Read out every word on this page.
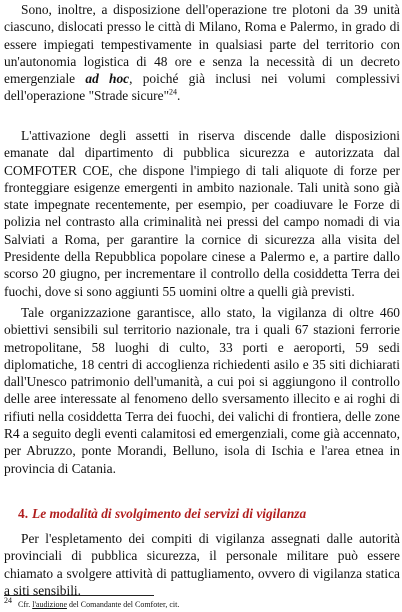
Sono, inoltre, a disposizione dell'operazione tre plotoni da 39 unità ciascuno, dislocati presso le città di Milano, Roma e Palermo, in grado di essere impiegati tempestivamente in qualsiasi parte del territorio con un'autonomia logistica di 48 ore e senza la necessità di un decreto emergenziale ad hoc, poiché già inclusi nei volumi complessivi dell'operazione "Strade sicure"$^{24}$.

L'attivazione degli assetti in riserva discende dalle disposizioni emanate dal dipartimento di pubblica sicurezza e autorizzata dal COMFOTER COE, che dispone l'impiego di tali aliquote di forze per fronteggiare esigenze emergenti in ambito nazionale. Tali unità sono già state impegnate recentemente, per esempio, per coadiuvare le Forze di polizia nel contrasto alla criminalità nei pressi del campo nomadi di via Salviati a Roma, per garantire la cornice di sicurezza alla visita del Presidente della Repubblica popolare cinese a Palermo e, a partire dallo scorso 20 giugno, per incrementare il controllo della cosiddetta Terra dei fuochi, dove si sono aggiunti 55 uomini oltre a quelli già previsti.

Tale organizzazione garantisce, allo stato, la vigilanza di oltre 460 obiettivi sensibili sul territorio nazionale, tra i quali 67 stazioni ferrorie metropolitane, 58 luoghi di culto, 33 porti e aeroporti, 59 sedi diplomatiche, 18 centri di accoglienza richiedenti asilo e 35 siti dichiarati dall'Unesco patrimonio dell'umanità, a cui poi si aggiungono il controllo delle aree interessate al fenomeno dello sversamento illecito e ai roghi di rifiuti nella cosiddetta Terra dei fuochi, dei valichi di frontiera, delle zone R4 a seguito degli eventi calamitosi ed emergenziali, come già accennato, per Abruzzo, ponte Morandi, Belluno, isola di Ischia e l'area etnea in provincia di Catania.

4. Le modalità di svolgimento dei servizi di vigilanza

Per l'espletamento dei compiti di vigilanza assegnati dalle autorità provinciali di pubblica sicurezza, il personale militare può essere chiamato a svolgere attività di pattugliamento, ovvero di vigilanza statica a siti sensibili.

$^{24}$ Cfr. l'audizione del Comandante del Comfoter, cit.
